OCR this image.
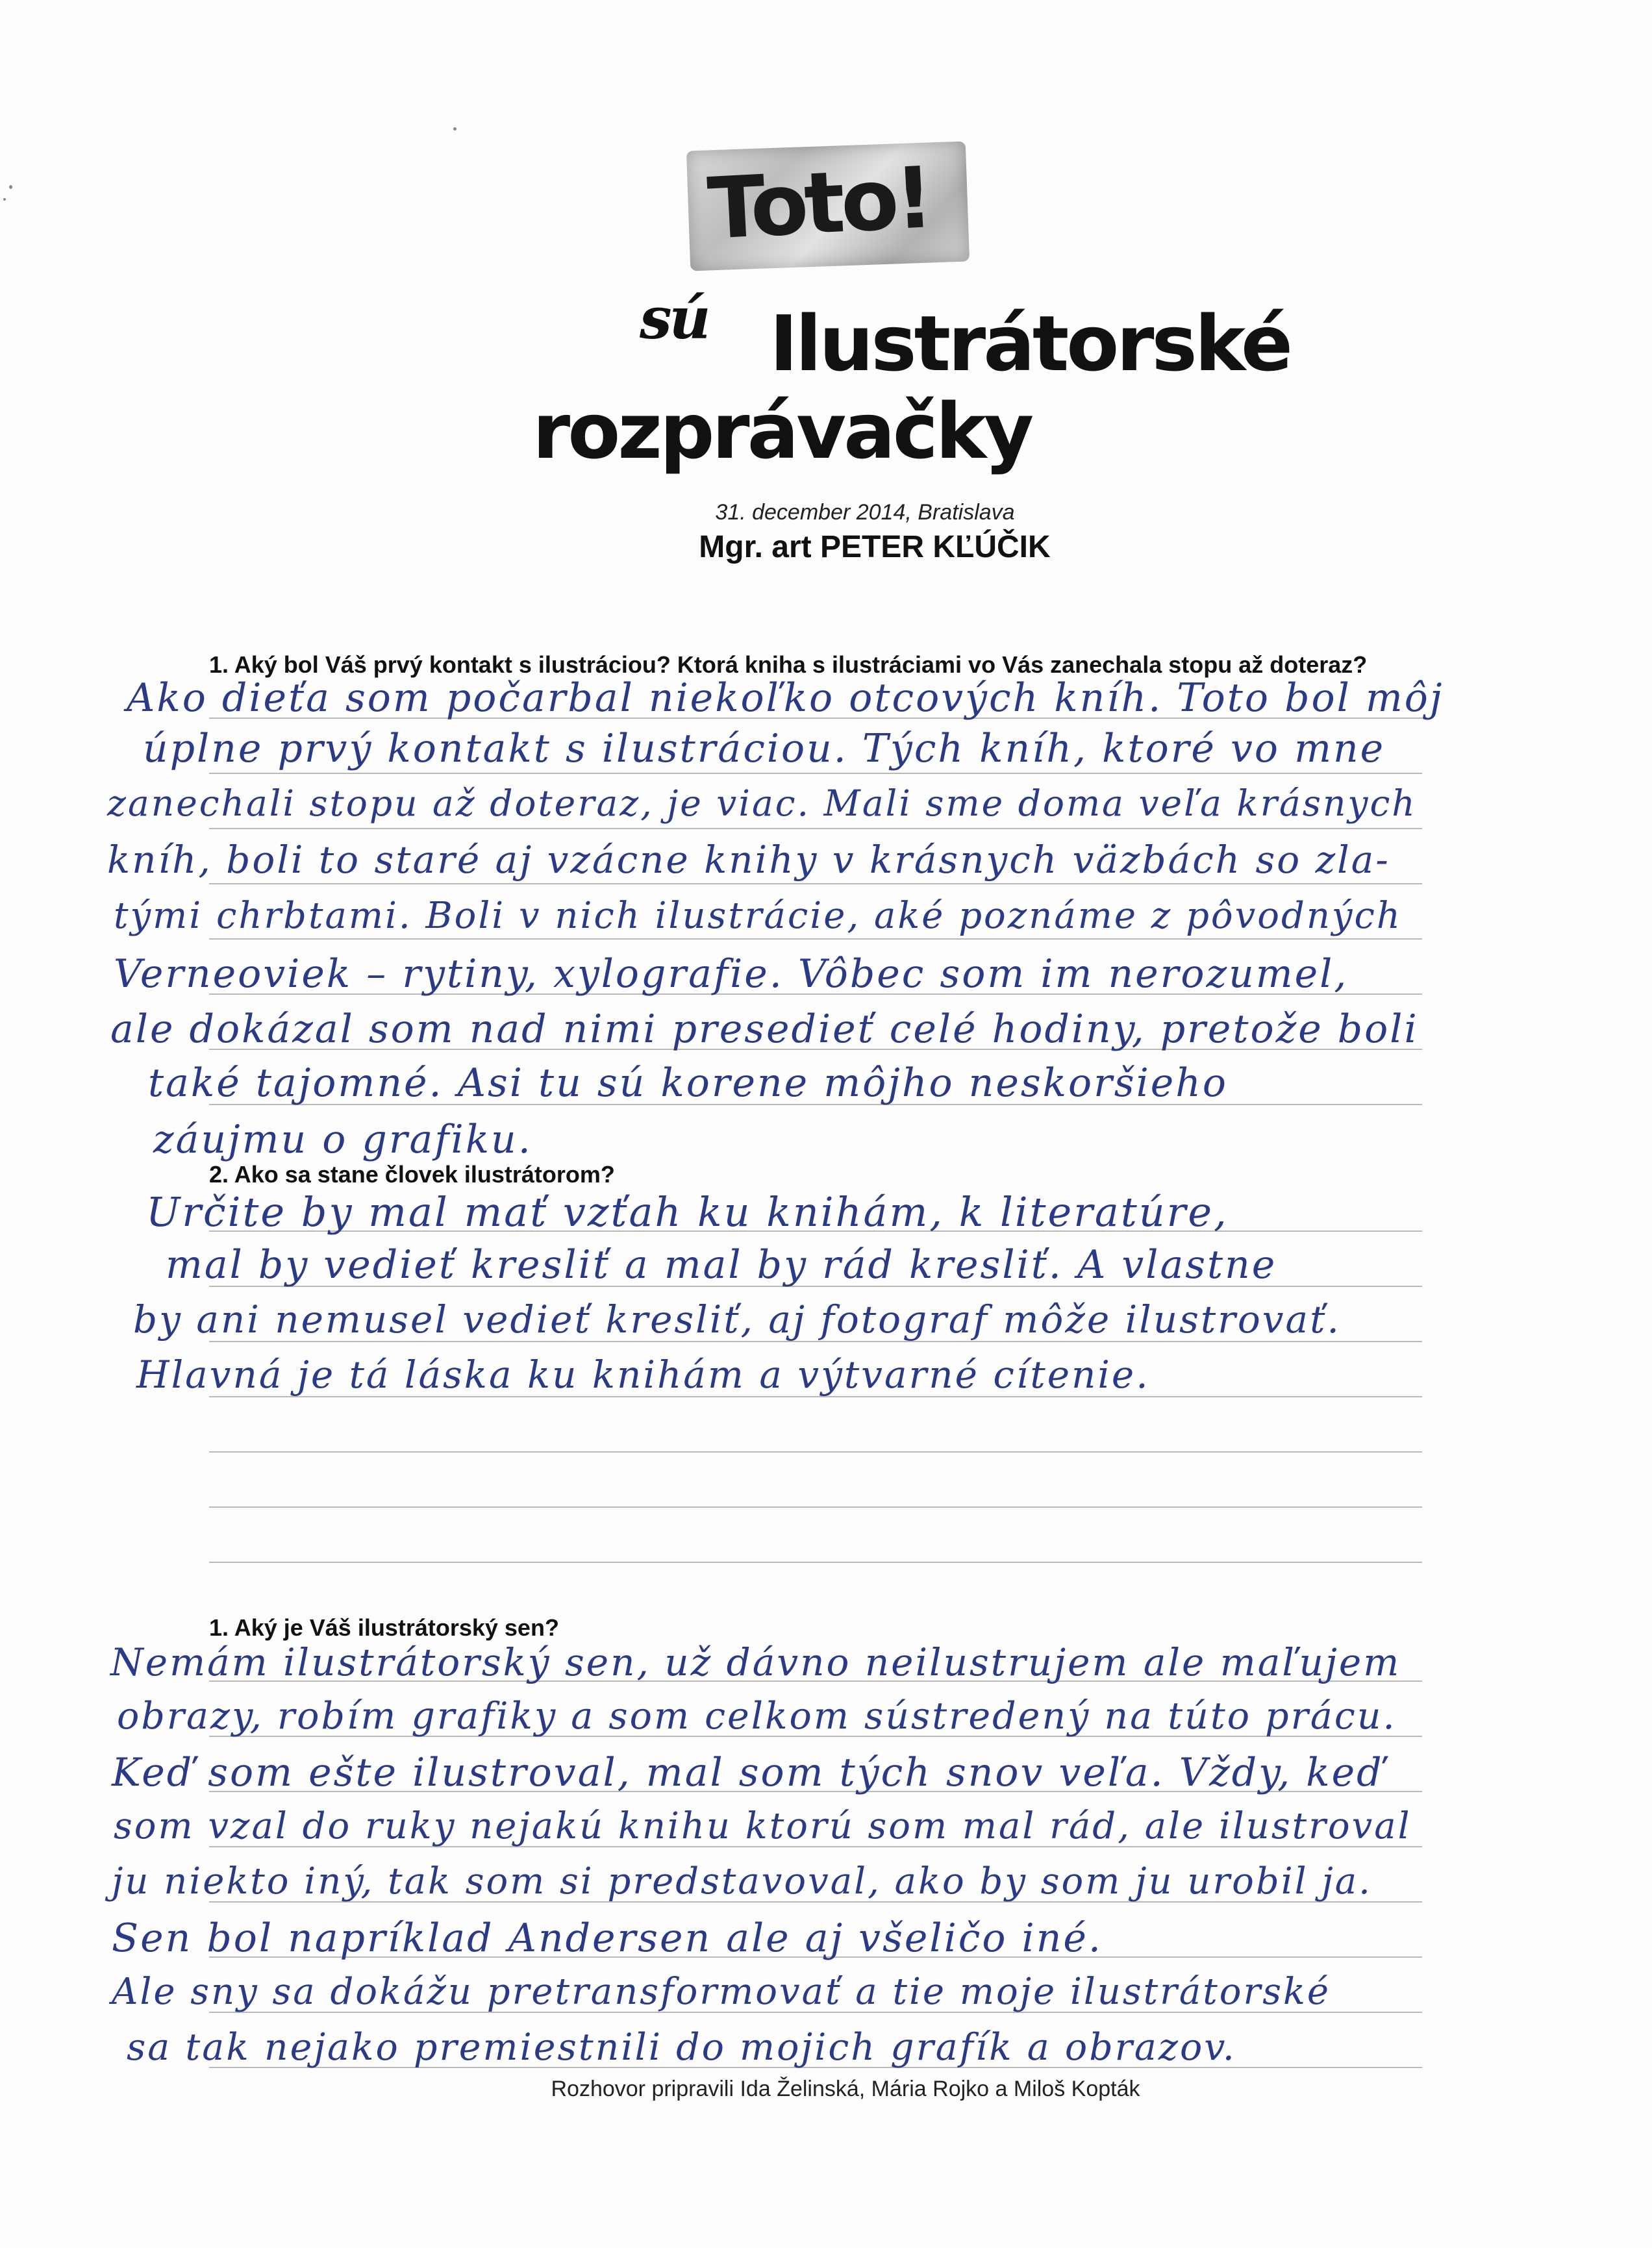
Toto!
sú Ilustrátorské
rozprávačky
31. december 2014, Bratislava
Mgr. art PETER KĽÚČIK
1. Aký bol Váš prvý kontakt s ilustráciou? Ktorá kniha s ilustráciami vo Vás zanechala stopu až doteraz?
Ako dieťa som počarbal niekoľko otcových kníh. Toto bol môj
úplne prvý kontakt s ilustráciou. Tých kníh, ktoré vo mne
zanechali stopu až doteraz, je viac. Mali sme doma veľa krásnych
kníh, boli to staré aj vzácne knihy v krásnych väzbách so zla-
tými chrbtami. Boli v nich ilustrácie, aké poznáme z pôvodných
Verneoviek – rytiny, xylografie. Vôbec som im nerozumel,
ale dokázal som nad nimi presedieť celé hodiny, pretože boli
také tajomné. Asi tu sú korene môjho neskoršieho
záujmu o grafiku.
2. Ako sa stane človek ilustrátorom?
Určite by mal mať vzťah ku knihám, k literatúre,
mal by vedieť kresliť a mal by rád kresliť. A vlastne
by ani nemusel vedieť kresliť, aj fotograf môže ilustrovať.
Hlavná je tá láska ku knihám a výtvarné cítenie.
1. Aký je Váš ilustrátorský sen?
Nemám ilustrátorský sen, už dávno neilustrujem ale maľujem
obrazy, robím grafiky a som celkom sústredený na túto prácu.
Keď som ešte ilustroval, mal som tých snov veľa. Vždy, keď
som vzal do ruky nejakú knihu ktorú som mal rád, ale ilustroval
ju niekto iný, tak som si predstavoval, ako by som ju urobil ja.
Sen bol napríklad Andersen ale aj všeličo iné.
Ale sny sa dokážu pretransformovať a tie moje ilustrátorské
sa tak nejako premiestnili do mojich grafík a obrazov.
Rozhovor pripravili Ida Želinská, Mária Rojko a Miloš Kopták
